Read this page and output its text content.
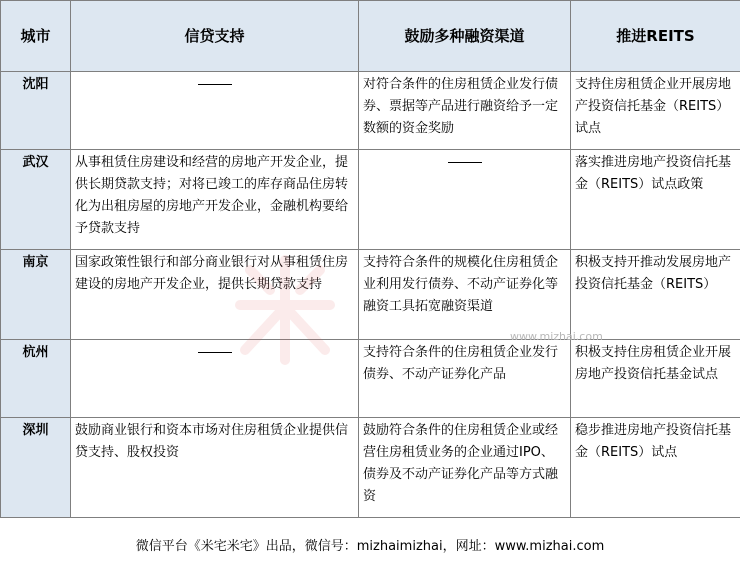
城市	信贷支持	鼓励多种融资渠道	推进REITS
沈阳		对符合条件的住房租赁企业发行债券、票据等产品进行融资给予一定数额的资金奖励	支持住房租赁企业开展房地产投资信托基金（REITS）试点
武汉	从事租赁住房建设和经营的房地产开发企业，提供长期贷款支持；对将已竣工的库存商品住房转化为出租房屋的房地产开发企业，金融机构要给予贷款支持		落实推进房地产投资信托基金（REITS）试点政策
南京	国家政策性银行和部分商业银行对从事租赁住房建设的房地产开发企业，提供长期贷款支持	支持符合条件的规模化住房租赁企业利用发行债券、不动产证券化等融资工具拓宽融资渠道	积极支持开推动发展房地产投资信托基金（REITS）
杭州		支持符合条件的住房租赁企业发行债券、不动产证券化产品	积极支持住房租赁企业开展房地产投资信托基金试点
深圳	鼓励商业银行和资本市场对住房租赁企业提供信贷支持、股权投资	鼓励符合条件的住房租赁企业或经营住房租赁业务的企业通过IPO、债券及不动产证券化产品等方式融资	稳步推进房地产投资信托基金（REITS）试点
www.mizhai.com
微信平台《米宅米宅》出品，微信号：mizhaimizhai，网址：www.mizhai.com
